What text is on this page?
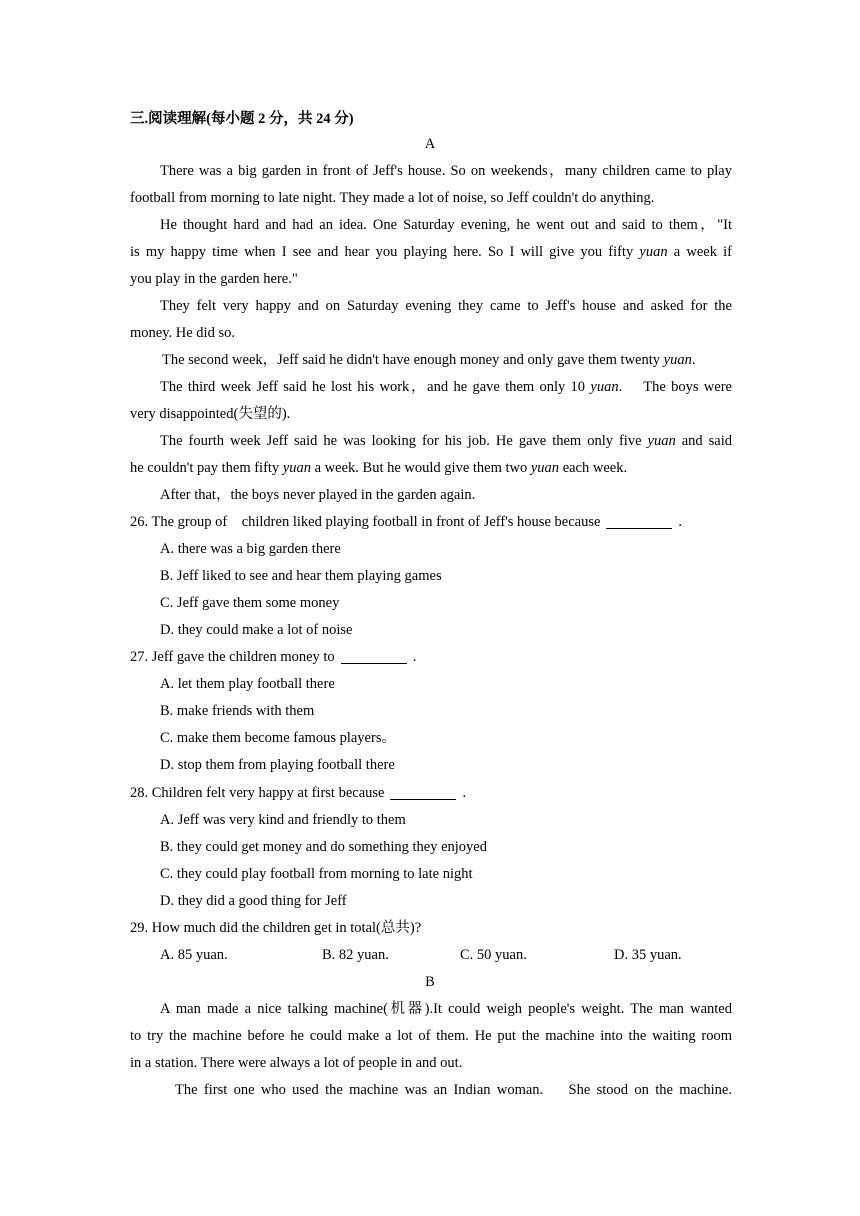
三.阅读理解(每小题 2 分，共 24 分)
A
There was a big garden in front of Jeff's house. So on weekends，many children came to play
football from morning to late night. They made a lot of noise, so Jeff couldn't do anything.
He thought hard and had an idea. One Saturday evening, he went out and said to them，"It
is my happy time when I see and hear you playing here. So I will give you fifty yuan a week if
you play in the garden here."
They felt very happy and on Saturday evening they came to Jeff's house and asked for the
money. He did so.
The second week，Jeff said he didn't have enough money and only gave them twenty yuan.
The third week Jeff said he lost his work，and he gave them only 10 yuan.    The boys were
very disappointed(失望的).
The fourth week Jeff said he was looking for his job. He gave them only five yuan and said
he couldn't pay them fifty yuan a week. But he would give them two yuan each week.
After that，the boys never played in the garden again.
26. The group of    children liked playing football in front of Jeff's house because	.
A. there was a big garden there
B. Jeff liked to see and hear them playing games
C. Jeff gave them some money
D. they could make a lot of noise
27. Jeff gave the children money to	.
A. let them play football there
B. make friends with them
C. make them become famous players。
D. stop them from playing football there
28. Children felt very happy at first because	.
A. Jeff was very kind and friendly to them
B. they could get money and do something they enjoyed
C. they could play football from morning to late night
D. they did a good thing for Jeff
29. How much did the children get in total(总共)?
A. 85 yuan.	B. 82 yuan.	C. 50 yuan.	D. 35 yuan.
B
A man made a nice talking machine(机器).It could weigh people's weight. The man wanted
to try the machine before he could make a lot of them. He put the machine into the waiting room
in a station. There were always a lot of people in and out.
The first one who used the machine was an Indian woman.    She stood on the machine.
